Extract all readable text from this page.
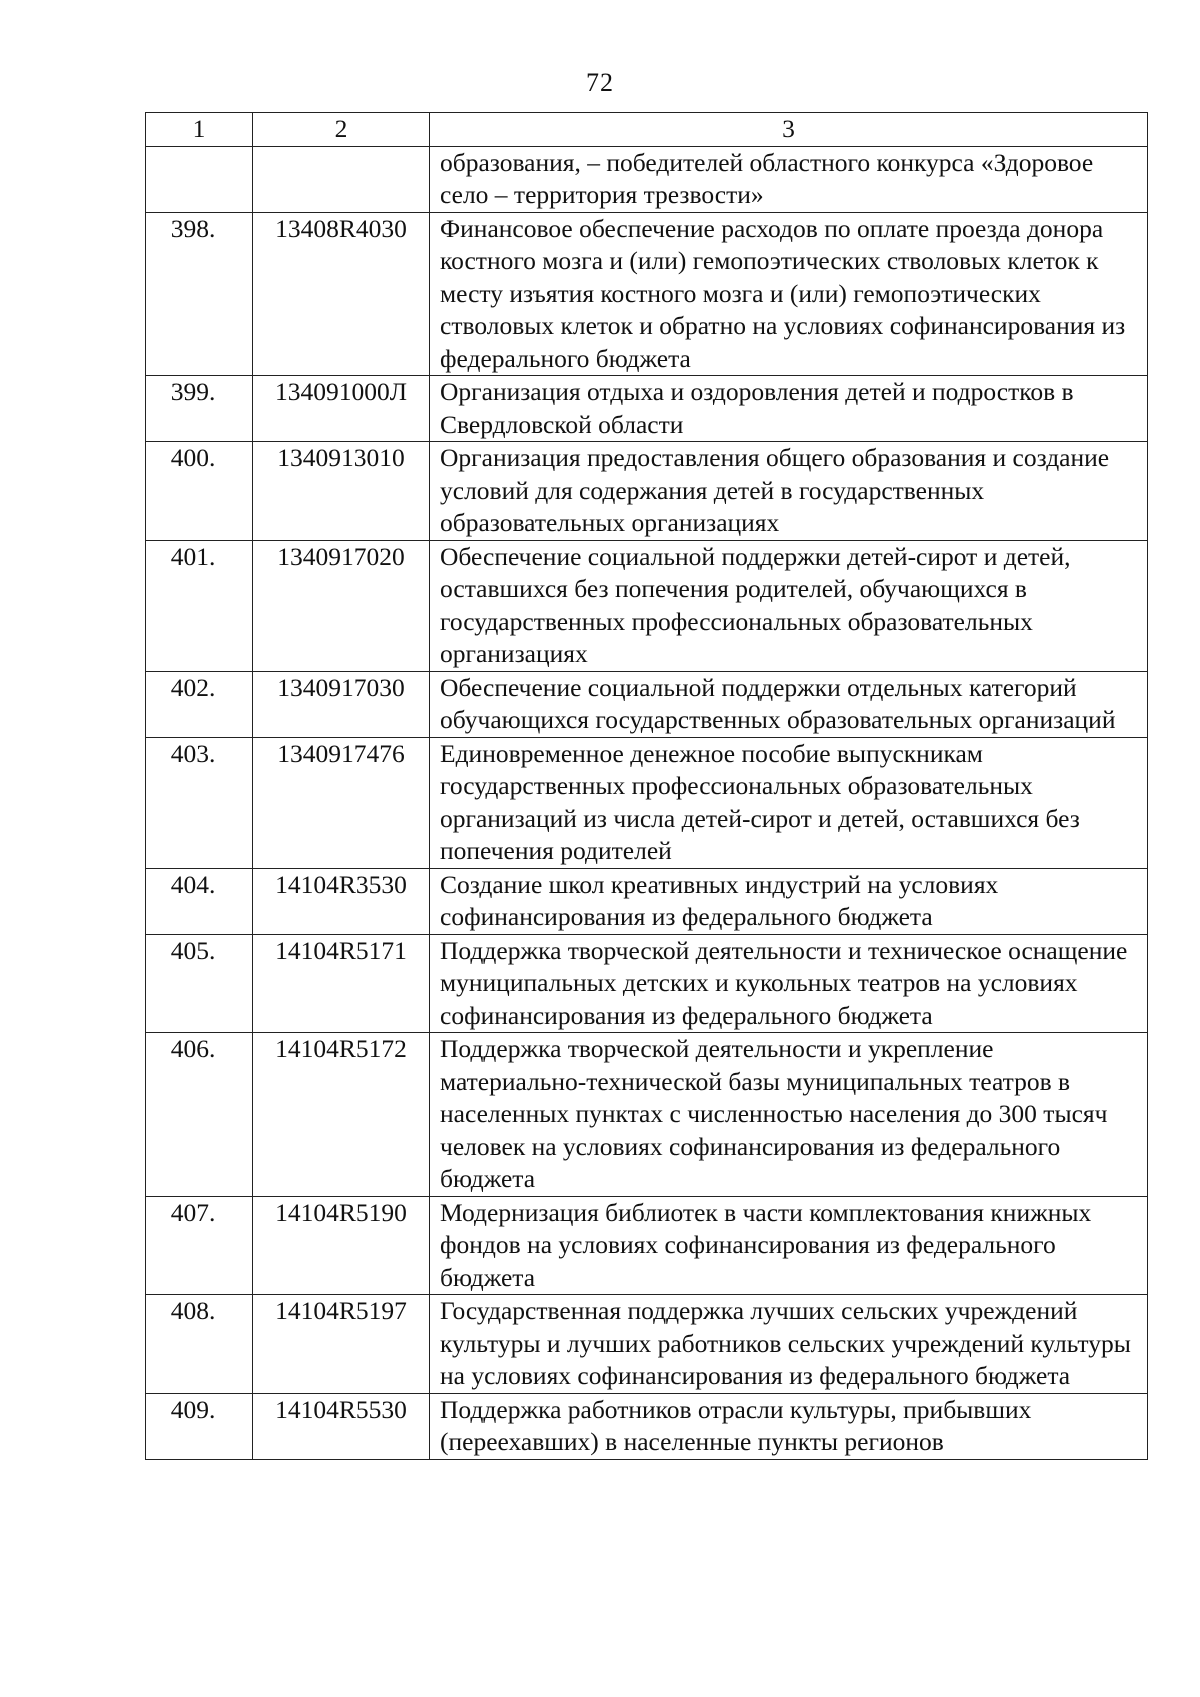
72
1	2	3
		образования, – победителей областного конкурса «Здоровое село – территория трезвости»
398.	13408R4030	Финансовое обеспечение расходов по оплате проезда донора костного мозга и (или) гемопоэтических стволовых клеток к месту изъятия костного мозга и (или) гемопоэтических стволовых клеток и обратно на условиях софинансирования из федерального бюджета
399.	134091000Л	Организация отдыха и оздоровления детей и подростков в Свердловской области
400.	1340913010	Организация предоставления общего образования и создание условий для содержания детей в государственных образовательных организациях
401.	1340917020	Обеспечение социальной поддержки детей-сирот и детей, оставшихся без попечения родителей, обучающихся в государственных профессиональных образовательных организациях
402.	1340917030	Обеспечение социальной поддержки отдельных категорий обучающихся государственных образовательных организаций
403.	1340917476	Единовременное денежное пособие выпускникам государственных профессиональных образовательных организаций из числа детей-сирот и детей, оставшихся без попечения родителей
404.	14104R3530	Создание школ креативных индустрий на условиях софинансирования из федерального бюджета
405.	14104R5171	Поддержка творческой деятельности и техническое оснащение муниципальных детских и кукольных театров на условиях софинансирования из федерального бюджета
406.	14104R5172	Поддержка творческой деятельности и укрепление материально-технической базы муниципальных театров в населенных пунктах с численностью населения до 300 тысяч человек на условиях софинансирования из федерального бюджета
407.	14104R5190	Модернизация библиотек в части комплектования книжных фондов на условиях софинансирования из федерального бюджета
408.	14104R5197	Государственная поддержка лучших сельских учреждений культуры и лучших работников сельских учреждений культуры на условиях софинансирования из федерального бюджета
409.	14104R5530	Поддержка работников отрасли культуры, прибывших (переехавших) в населенные пункты регионов
